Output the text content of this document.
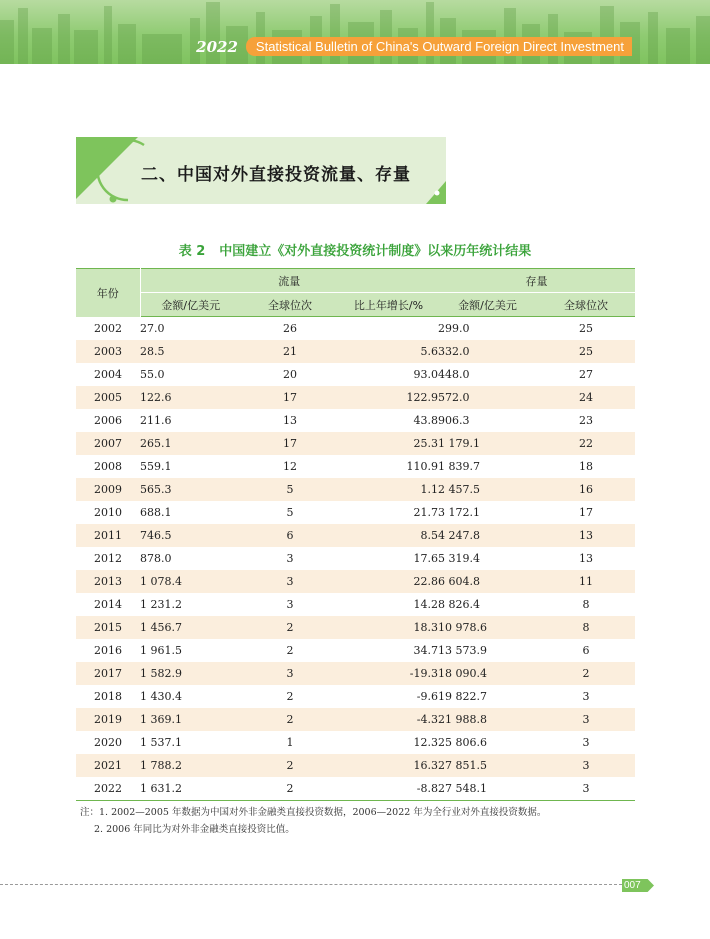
2022	Statistical Bulletin of China's Outward Foreign Direct Investment
二、中国对外直接投资流量、存量
表 2 中国建立《对外直接投资统计制度》以来历年统计结果
年份	流量			存量	
	金额/亿美元	全球位次	比上年增长/%	金额/亿美元	全球位次
2002	27.0	26		299.0	25
2003	28.5	21	5.6	332.0	25
2004	55.0	20	93.0	448.0	27
2005	122.6	17	122.9	572.0	24
2006	211.6	13	43.8	906.3	23
2007	265.1	17	25.3	1 179.1	22
2008	559.1	12	110.9	1 839.7	18
2009	565.3	5	1.1	2 457.5	16
2010	688.1	5	21.7	3 172.1	17
2011	746.5	6	8.5	4 247.8	13
2012	878.0	3	17.6	5 319.4	13
2013	1 078.4	3	22.8	6 604.8	11
2014	1 231.2	3	14.2	8 826.4	8
2015	1 456.7	2	18.3	10 978.6	8
2016	1 961.5	2	34.7	13 573.9	6
2017	1 582.9	3	-19.3	18 090.4	2
2018	1 430.4	2	-9.6	19 822.7	3
2019	1 369.1	2	-4.3	21 988.8	3
2020	1 537.1	1	12.3	25 806.6	3
2021	1 788.2	2	16.3	27 851.5	3
2022	1 631.2	2	-8.8	27 548.1	3
注：1. 2002—2005 年数据为中国对外非金融类直接投资数据，2006—2022 年为全行业对外直接投资数据。
2. 2006 年同比为对外非金融类直接投资比值。
007
